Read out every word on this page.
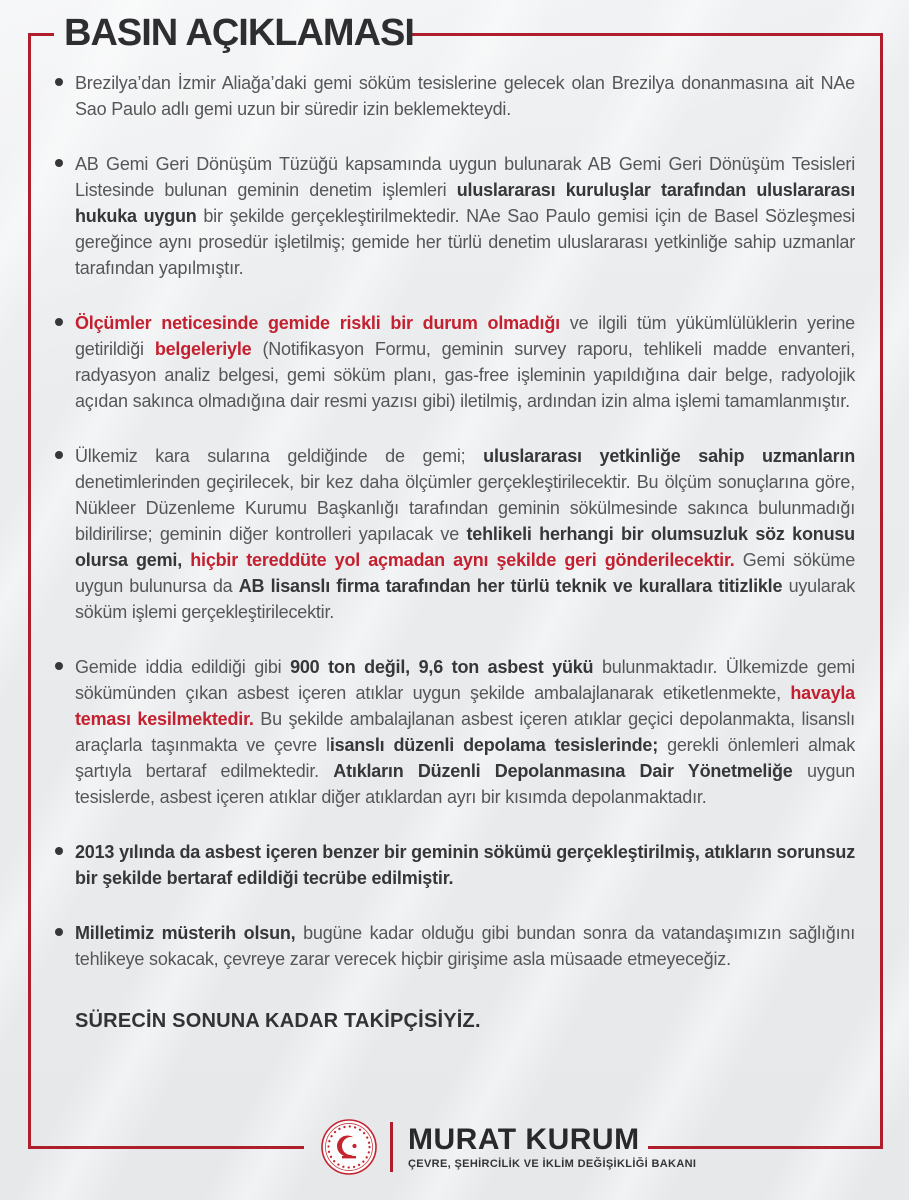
BASIN AÇIKLAMASI

Brezilya’dan İzmir Aliağa’daki gemi söküm tesislerine gelecek olan Brezilya donanmasına ait NAe Sao Paulo adlı gemi uzun bir süredir izin beklemekteydi.

AB Gemi Geri Dönüşüm Tüzüğü kapsamında uygun bulunarak AB Gemi Geri Dönüşüm Tesisleri Listesinde bulunan geminin denetim işlemleri uluslararası kuruluşlar tarafından uluslararası hukuka uygun bir şekilde gerçekleştirilmektedir. NAe Sao Paulo gemisi için de Basel Sözleşmesi gereğince aynı prosedür işletilmiş; gemide her türlü denetim uluslararası yetkinliğe sahip uzmanlar tarafından yapılmıştır.

Ölçümler neticesinde gemide riskli bir durum olmadığı ve ilgili tüm yükümlülüklerin yerine getirildiği belgeleriyle (Notifikasyon Formu, geminin survey raporu, tehlikeli madde envanteri, radyasyon analiz belgesi, gemi söküm planı, gas-free işleminin yapıldığına dair belge, radyolojik açıdan sakınca olmadığına dair resmi yazısı gibi) iletilmiş, ardından izin alma işlemi tamamlanmıştır.

Ülkemiz kara sularına geldiğinde de gemi; uluslararası yetkinliğe sahip uzmanların denetimlerinden geçirilecek, bir kez daha ölçümler gerçekleştirilecektir. Bu ölçüm sonuçlarına göre, Nükleer Düzenleme Kurumu Başkanlığı tarafından geminin sökülmesinde sakınca bulunmadığı bildirilirse; geminin diğer kontrolleri yapılacak ve tehlikeli herhangi bir olumsuzluk söz konusu olursa gemi, hiçbir tereddüte yol açmadan aynı şekilde geri gönderilecektir. Gemi söküme uygun bulunursa da AB lisanslı firma tarafından her türlü teknik ve kurallara titizlikle uyularak söküm işlemi gerçekleştirilecektir.

Gemide iddia edildiği gibi 900 ton değil, 9,6 ton asbest yükü bulunmaktadır. Ülkemizde gemi sökümünden çıkan asbest içeren atıklar uygun şekilde ambalajlanarak etiketlenmekte, havayla teması kesilmektedir. Bu şekilde ambalajlanan asbest içeren atıklar geçici depolanmakta, lisanslı araçlarla taşınmakta ve çevre lisanslı düzenli depolama tesislerinde; gerekli önlemleri almak şartıyla bertaraf edilmektedir. Atıkların Düzenli Depolanmasına Dair Yönetmeliğe uygun tesislerde, asbest içeren atıklar diğer atıklardan ayrı bir kısımda depolanmaktadır.

2013 yılında da asbest içeren benzer bir geminin sökümü gerçekleştirilmiş, atıkların sorunsuz bir şekilde bertaraf edildiği tecrübe edilmiştir.

Milletimiz müsterih olsun, bugüne kadar olduğu gibi bundan sonra da vatandaşımızın sağlığını tehlikeye sokacak, çevreye zarar verecek hiçbir girişime asla müsaade etmeyeceğiz.

SÜRECİN SONUNA KADAR TAKİPÇİSİYİZ.
MURAT KURUM
ÇEVRE, ŞEHİRCİLİK VE İKLİM DEĞİŞİKLİĞİ BAKANI
